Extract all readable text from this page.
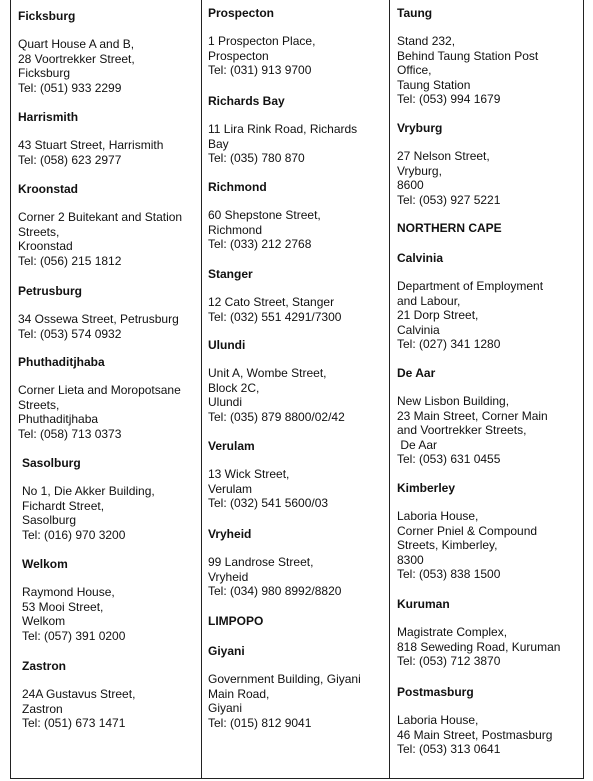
Ficksburg

Quart House A and B,
28 Voortrekker Street,
Ficksburg
Tel: (051) 933 2299

Harrismith

43 Stuart Street, Harrismith
Tel: (058) 623 2977

Kroonstad

Corner 2 Buitekant and Station
Streets,
Kroonstad
Tel: (056) 215 1812

Petrusburg

34 Ossewa Street, Petrusburg
Tel: (053) 574 0932

Phuthaditjhaba

Corner Lieta and Moropotsane
Streets,
Phuthaditjhaba
Tel: (058) 713 0373

Sasolburg

No 1, Die Akker Building,
Fichardt Street,
Sasolburg
Tel: (016) 970 3200

Welkom

Raymond House,
53 Mooi Street,
Welkom
Tel: (057) 391 0200

Zastron

24A Gustavus Street,
Zastron
Tel: (051) 673 1471

Prospecton

1 Prospecton Place,
Prospecton
Tel: (031) 913 9700

Richards Bay

11 Lira Rink Road, Richards
Bay
Tel: (035) 780 870

Richmond

60 Shepstone Street,
Richmond
Tel: (033) 212 2768

Stanger

12 Cato Street, Stanger
Tel: (032) 551 4291/7300

Ulundi

Unit A, Wombe Street,
Block 2C,
Ulundi
Tel: (035) 879 8800/02/42

Verulam

13 Wick Street,
Verulam
Tel: (032) 541 5600/03

Vryheid

99 Landrose Street,
Vryheid
Tel: (034) 980 8992/8820

LIMPOPO

Giyani

Government Building, Giyani
Main Road,
Giyani
Tel: (015) 812 9041

Taung

Stand 232,
Behind Taung Station Post
Office,
Taung Station
Tel: (053) 994 1679

Vryburg

27 Nelson Street,
Vryburg,
8600
Tel: (053) 927 5221

NORTHERN CAPE

Calvinia

Department of Employment
and Labour,
21 Dorp Street,
Calvinia
Tel: (027) 341 1280

De Aar

New Lisbon Building,
23 Main Street, Corner Main
and Voortrekker Streets,
De Aar
Tel: (053) 631 0455

Kimberley

Laboria House,
Corner Pniel & Compound
Streets, Kimberley,
8300
Tel: (053) 838 1500

Kuruman

Magistrate Complex,
818 Seweding Road, Kuruman
Tel: (053) 712 3870

Postmasburg

Laboria House,
46 Main Street, Postmasburg
Tel: (053) 313 0641
